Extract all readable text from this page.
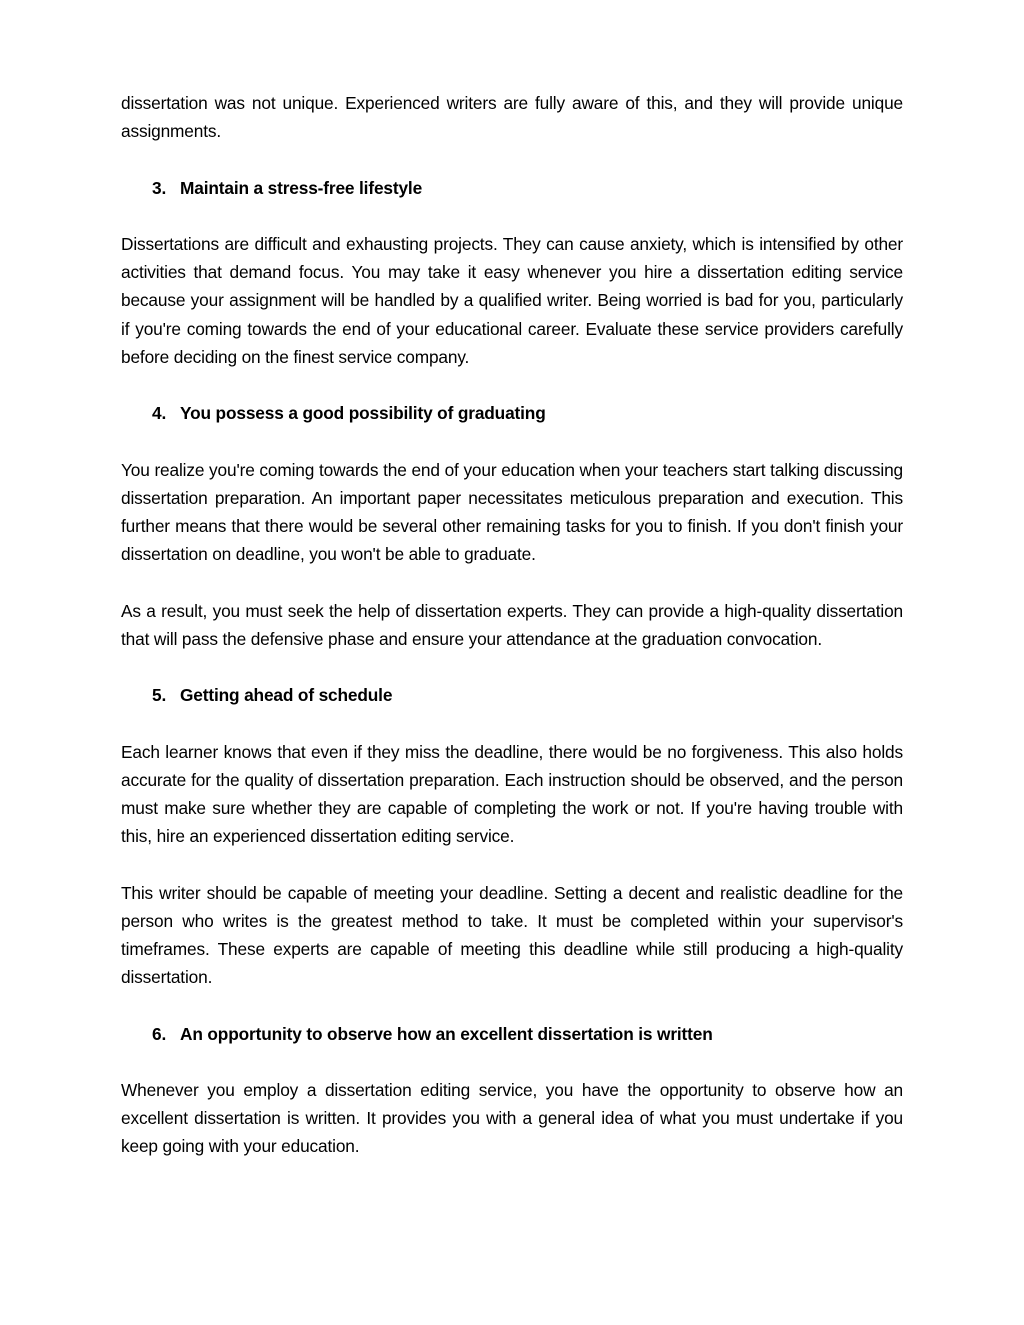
dissertation was not unique. Experienced writers are fully aware of this, and they will provide unique assignments.

3. Maintain a stress-free lifestyle

Dissertations are difficult and exhausting projects. They can cause anxiety, which is intensified by other activities that demand focus. You may take it easy whenever you hire a dissertation editing service because your assignment will be handled by a qualified writer. Being worried is bad for you, particularly if you're coming towards the end of your educational career. Evaluate these service providers carefully before deciding on the finest service company.

4. You possess a good possibility of graduating

You realize you're coming towards the end of your education when your teachers start talking discussing dissertation preparation. An important paper necessitates meticulous preparation and execution. This further means that there would be several other remaining tasks for you to finish. If you don't finish your dissertation on deadline, you won't be able to graduate.

As a result, you must seek the help of dissertation experts. They can provide a high-quality dissertation that will pass the defensive phase and ensure your attendance at the graduation convocation.

5. Getting ahead of schedule

Each learner knows that even if they miss the deadline, there would be no forgiveness. This also holds accurate for the quality of dissertation preparation. Each instruction should be observed, and the person must make sure whether they are capable of completing the work or not. If you're having trouble with this, hire an experienced dissertation editing service.

This writer should be capable of meeting your deadline. Setting a decent and realistic deadline for the person who writes is the greatest method to take. It must be completed within your supervisor's timeframes. These experts are capable of meeting this deadline while still producing a high-quality dissertation.

6. An opportunity to observe how an excellent dissertation is written

Whenever you employ a dissertation editing service, you have the opportunity to observe how an excellent dissertation is written. It provides you with a general idea of what you must undertake if you keep going with your education.
